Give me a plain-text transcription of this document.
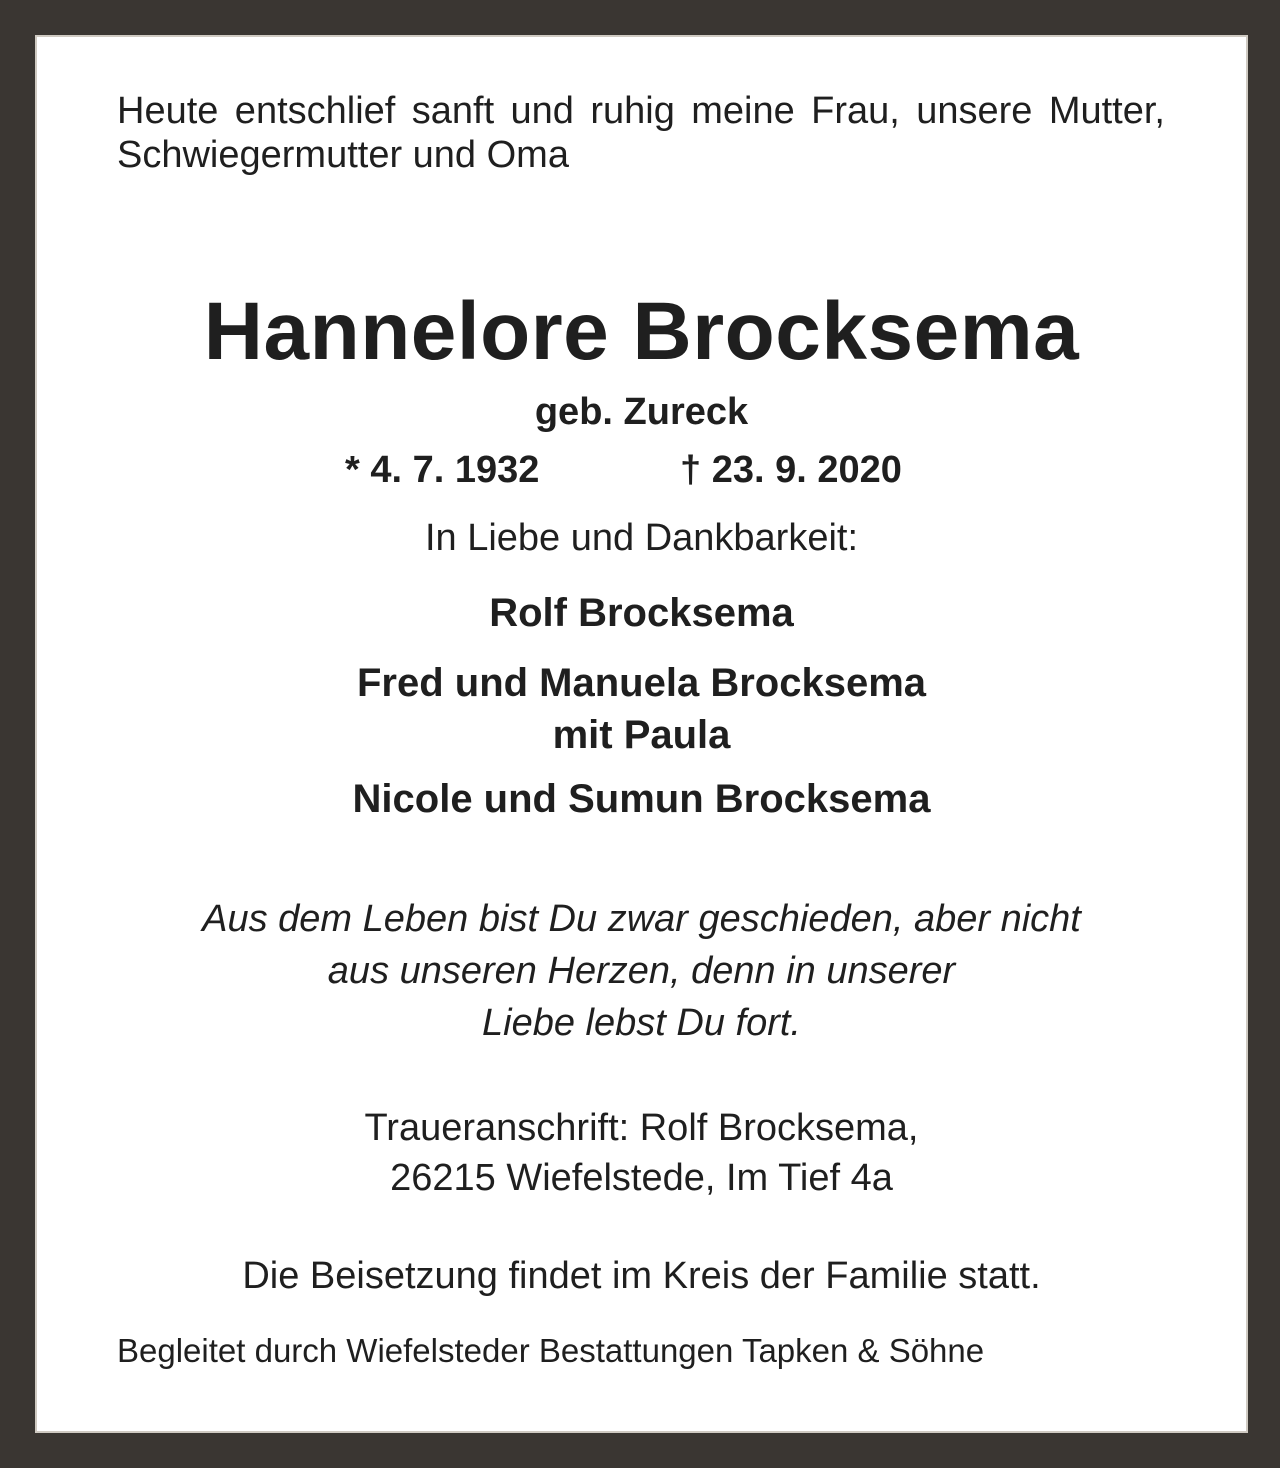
Heute entschlief sanft und ruhig meine Frau, unsere Mutter, Schwiegermutter und Oma

Hannelore Brocksema

geb. Zureck

* 4. 7. 1932	† 23. 9. 2020

In Liebe und Dankbarkeit:

Rolf Brocksema

Fred und Manuela Brocksema

mit Paula

Nicole und Sumun Brocksema

Aus dem Leben bist Du zwar geschieden, aber nicht

aus unseren Herzen, denn in unserer

Liebe lebst Du fort.

Traueranschrift: Rolf Brocksema,

26215 Wiefelstede, Im Tief 4a

Die Beisetzung findet im Kreis der Familie statt.

Begleitet durch Wiefelsteder Bestattungen Tapken & Söhne
